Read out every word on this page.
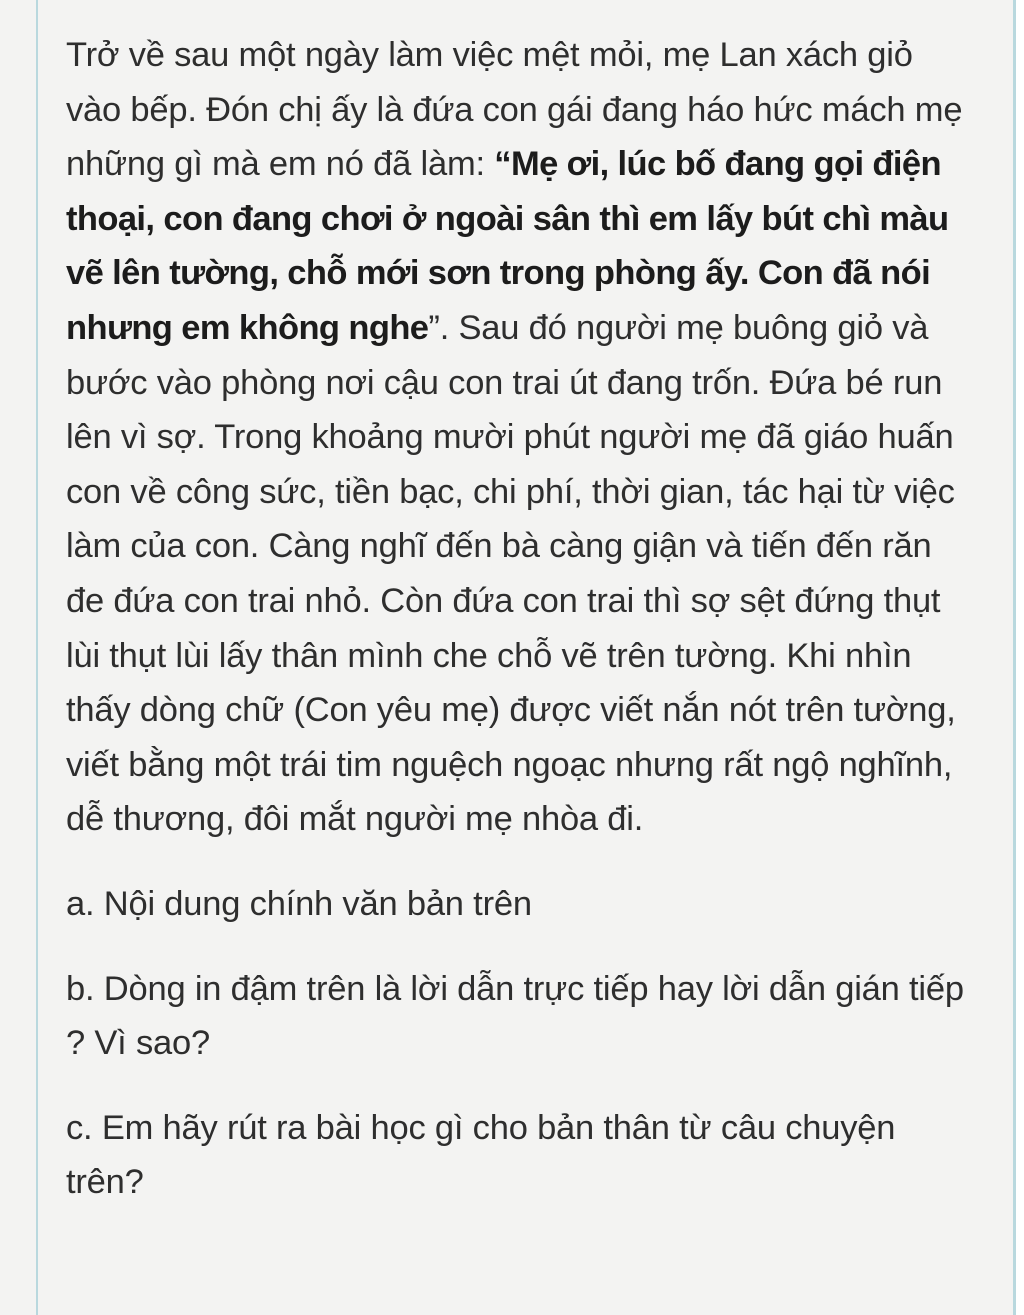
Trở về sau một ngày làm việc mệt mỏi, mẹ Lan xách giỏ vào bếp. Đón chị ấy là đứa con gái đang háo hức mách mẹ những gì mà em nó đã làm: “Mẹ ơi, lúc bố đang gọi điện thoại, con đang chơi ở ngoài sân thì em lấy bút chì màu vẽ lên tường, chỗ mới sơn trong phòng ấy. Con đã nói nhưng em không nghe”. Sau đó người mẹ buông giỏ và bước vào phòng nơi cậu con trai út đang trốn. Đứa bé run lên vì sợ. Trong khoảng mười phút người mẹ đã giáo huấn con về công sức, tiền bạc, chi phí, thời gian, tác hại từ việc làm của con. Càng nghĩ đến bà càng giận và tiến đến răn đe đứa con trai nhỏ. Còn đứa con trai thì sợ sệt đứng thụt lùi thụt lùi lấy thân mình che chỗ vẽ trên tường. Khi nhìn thấy dòng chữ (Con yêu mẹ) được viết nắn nót trên tường, viết bằng một trái tim nguệch ngoạc nhưng rất ngộ nghĩnh, dễ thương, đôi mắt người mẹ nhòa đi.

a. Nội dung chính văn bản trên

b. Dòng in đậm trên là lời dẫn trực tiếp hay lời dẫn gián tiếp ? Vì sao?

c. Em hãy rút ra bài học gì cho bản thân từ câu chuyện trên?
